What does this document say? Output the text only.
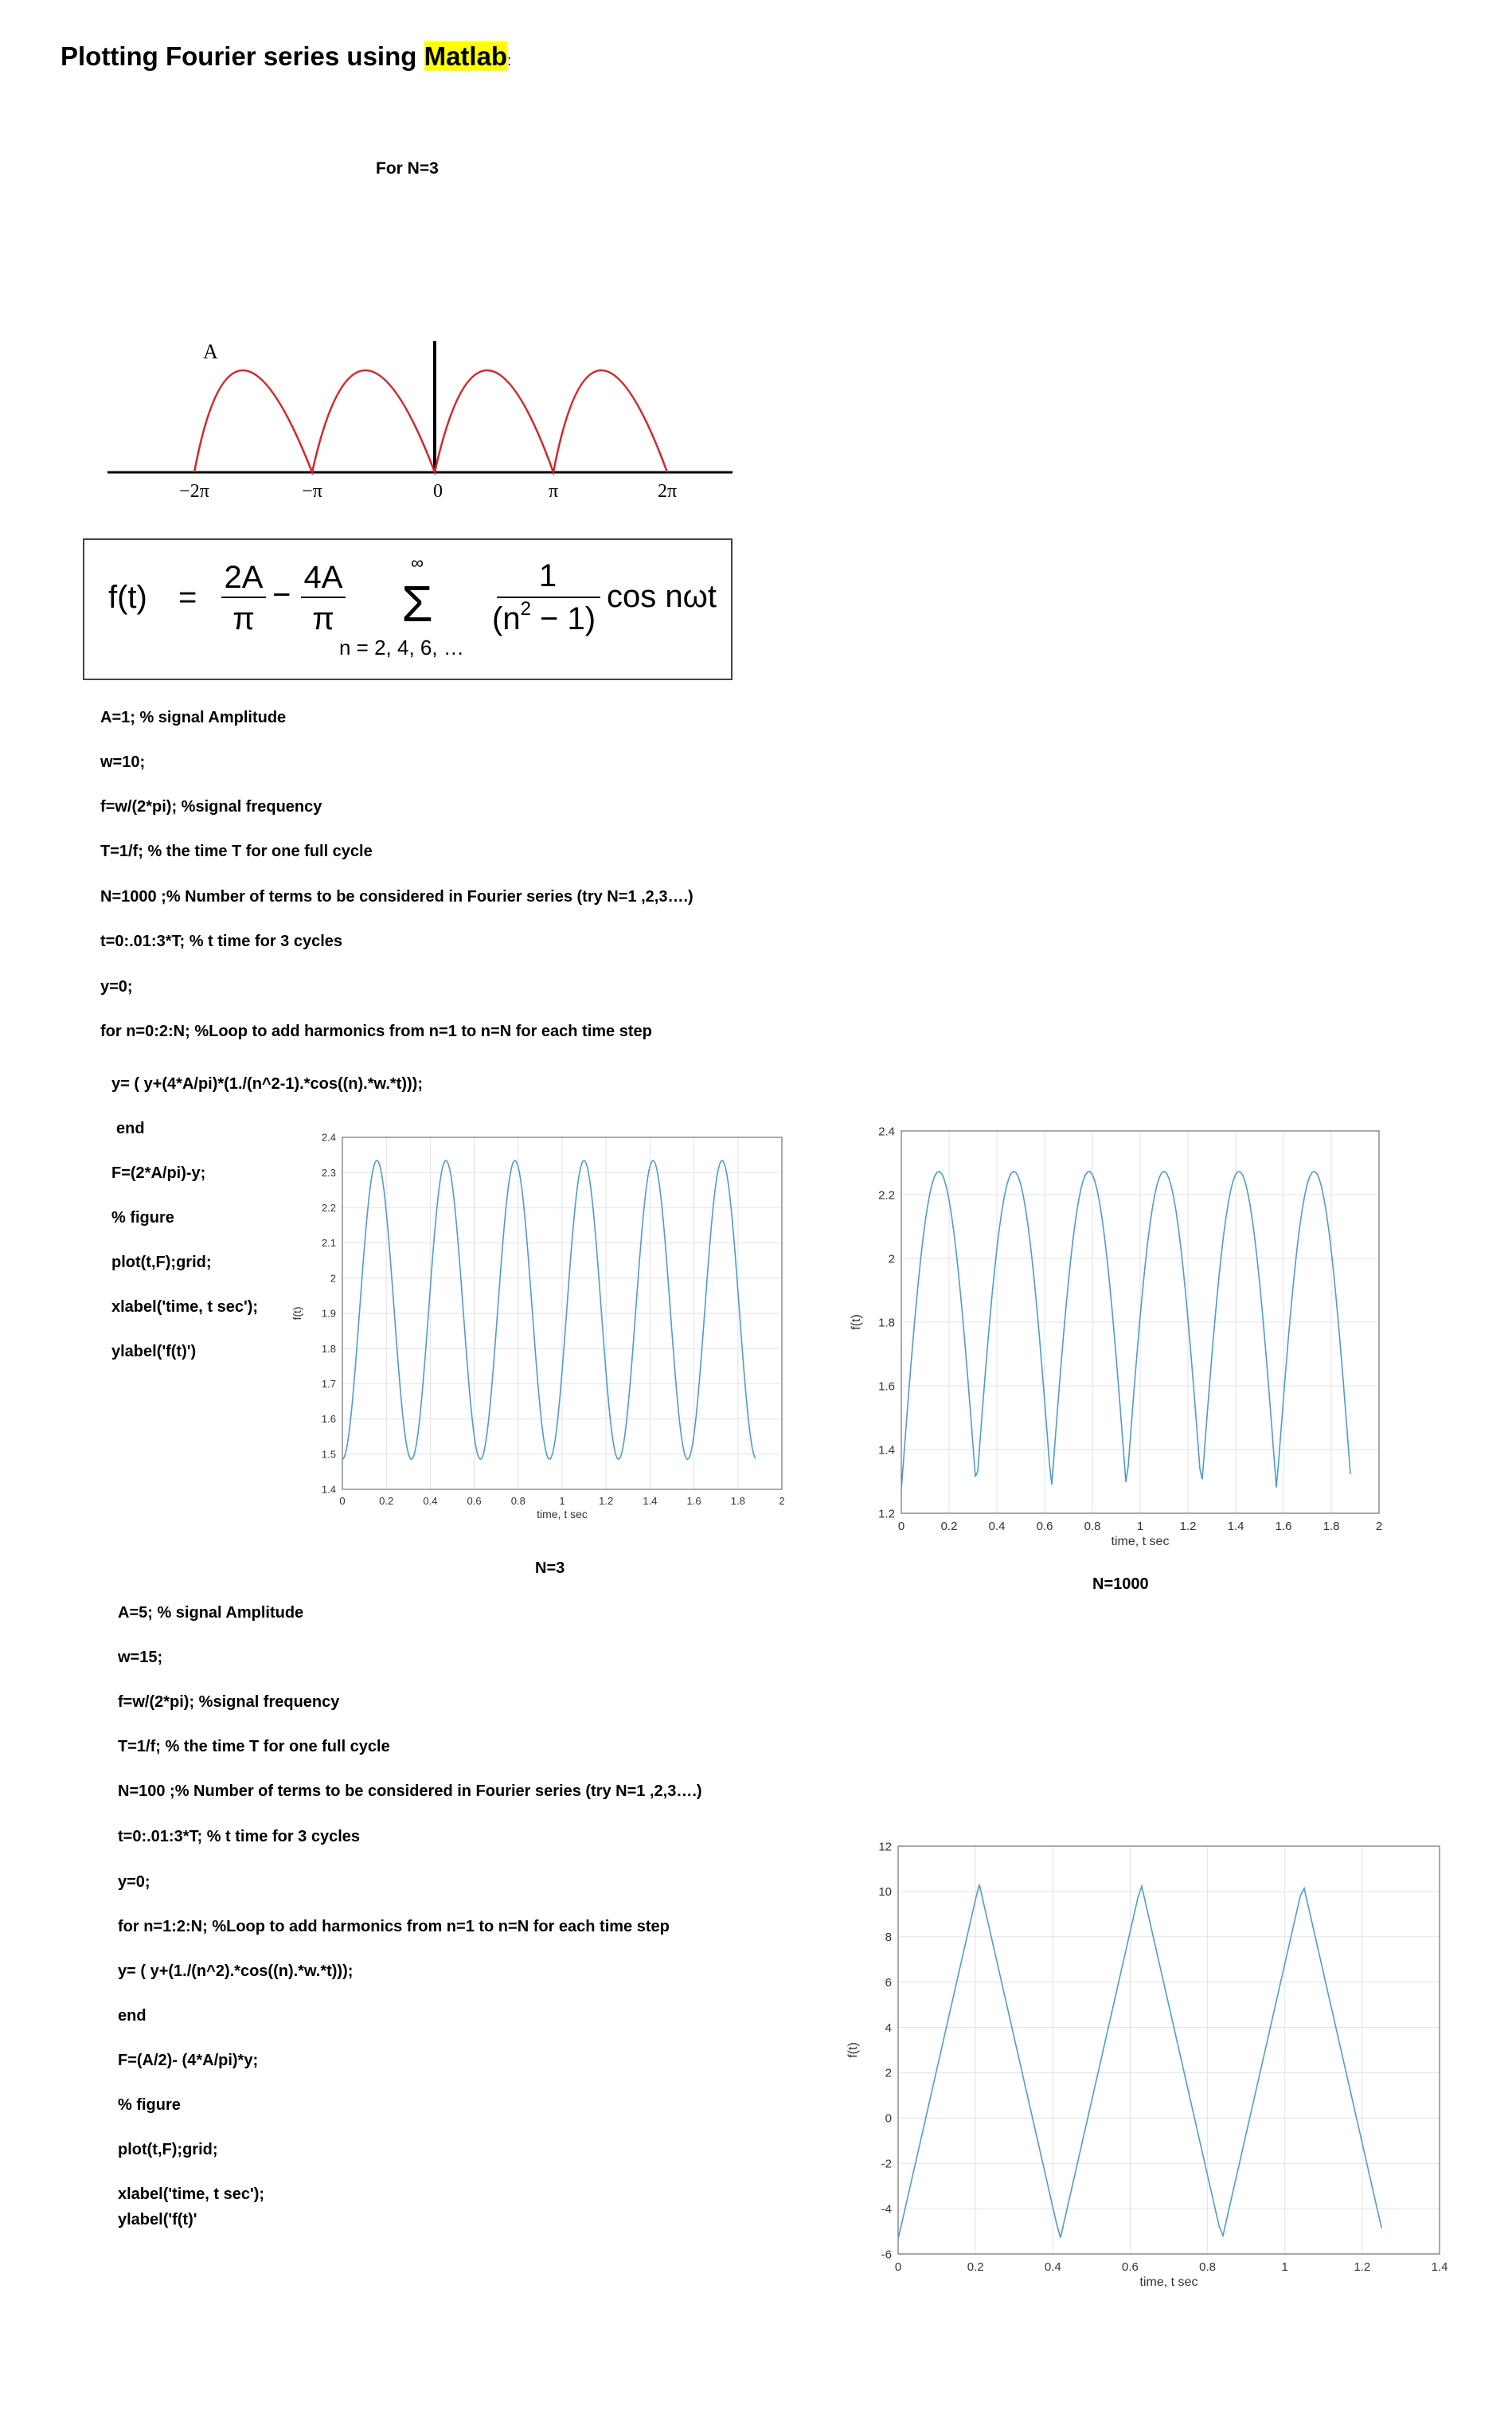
Plotting Fourier series using Matlab:
For N=3
A
−2π	−π	0	π	2π
f(t) =
2A
π
− 4A
π
∞
Σ
n = 2, 4, 6, …
1
$(n^2 - 1)$
cos nωt
A=1; % signal Amplitude
w=10;
f=w/(2*pi); %signal frequency
T=1/f; % the time T for one full cycle
N=1000 ;% Number of terms to be considered in Fourier series (try N=1 ,2,3….)
t=0:.01:3*T; % t time for 3 cycles
y=0;
for n=0:2:N; %Loop to add harmonics from n=1 to n=N for each time step
y= ( y+(4*A/pi)*(1./(n^2-1).*cos((n).*w.*t)));
end
F=(2*A/pi)-y;
% figure
plot(t,F);grid;
xlabel('time, t sec');
ylabel('f(t)')
0	0.2	0.4	0.6	0.8	1	1.2	1.4	1.6	1.8	2
1.4
1.5
1.6
1.7
1.8
1.9
2
2.1
2.2
2.3
2.4
time, t sec
f(t)
N=3
0	0.2	0.4	0.6	0.8	1	1.2	1.4	1.6	1.8	2
1.2
1.4
1.6
1.8
2
2.2
2.4
time, t sec
f(t)
N=1000
A=5; % signal Amplitude
w=15;
f=w/(2*pi); %signal frequency
T=1/f; % the time T for one full cycle
N=100 ;% Number of terms to be considered in Fourier series (try N=1 ,2,3….)
t=0:.01:3*T; % t time for 3 cycles
y=0;
for n=1:2:N; %Loop to add harmonics from n=1 to n=N for each time step
y= ( y+(1./(n^2).*cos((n).*w.*t)));
end
F=(A/2)- (4*A/pi)*y;
% figure
plot(t,F);grid;
xlabel('time, t sec');
ylabel('f(t)'
0	0.2	0.4	0.6	0.8	1	1.2	1.4
-6
-4
-2
0
2
4
6
8
10
12
time, t sec
f(t)
